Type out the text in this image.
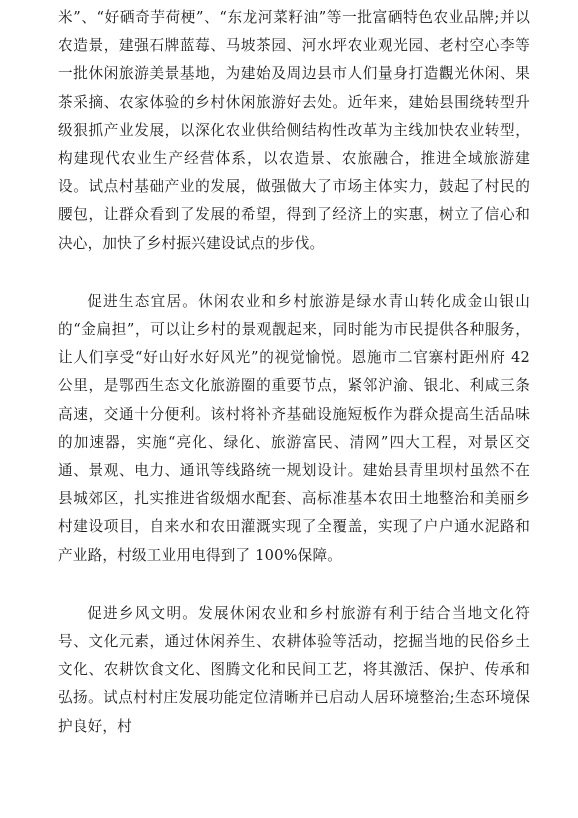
米”、“好硒奇芋荷梗”、“东龙河菜籽油”等一批富硒特色农业品牌;并以农造景，建强石牌蓝莓、马坡茶园、河水坪农业观光园、老村空心李等一批休闲旅游美景基地，为建始及周边县市人们量身打造觀光休闲、果茶采摘、农家体验的乡村休闲旅游好去处。近年来，建始县围绕转型升级狠抓产业发展，以深化农业供给侧结构性改革为主线加快农业转型，构建现代农业生产经营体系，以农造景、农旅融合，推进全域旅游建设。试点村基础产业的发展，做强做大了市场主体实力，鼓起了村民的腰包，让群众看到了发展的希望，得到了经济上的实惠，树立了信心和决心，加快了乡村振兴建设试点的步伐。

促进生态宜居。休闲农业和乡村旅游是绿水青山转化成金山银山的“金扁担”，可以让乡村的景观靓起来，同时能为市民提供各种服务，让人们享受“好山好水好风光”的视觉愉悦。恩施市二官寨村距州府 42 公里，是鄂西生态文化旅游圈的重要节点，紧邻沪渝、银北、利咸三条高速，交通十分便利。该村将补齐基础设施短板作为群众提高生活品味的加速器，实施“亮化、绿化、旅游富民、清网”四大工程，对景区交通、景观、电力、通讯等线路统一规划设计。建始县青里坝村虽然不在县城郊区，扎实推进省级烟水配套、高标准基本农田土地整治和美丽乡村建设项目，自来水和农田灌溉实现了全覆盖，实现了户户通水泥路和产业路，村级工业用电得到了 100%保障。

促进乡风文明。发展休闲农业和乡村旅游有利于结合当地文化符号、文化元素，通过休闲养生、农耕体验等活动，挖掘当地的民俗乡土文化、农耕饮食文化、图腾文化和民间工艺，将其激活、保护、传承和弘扬。试点村村庄发展功能定位清晰并已启动人居环境整治;生态环境保护良好，村
